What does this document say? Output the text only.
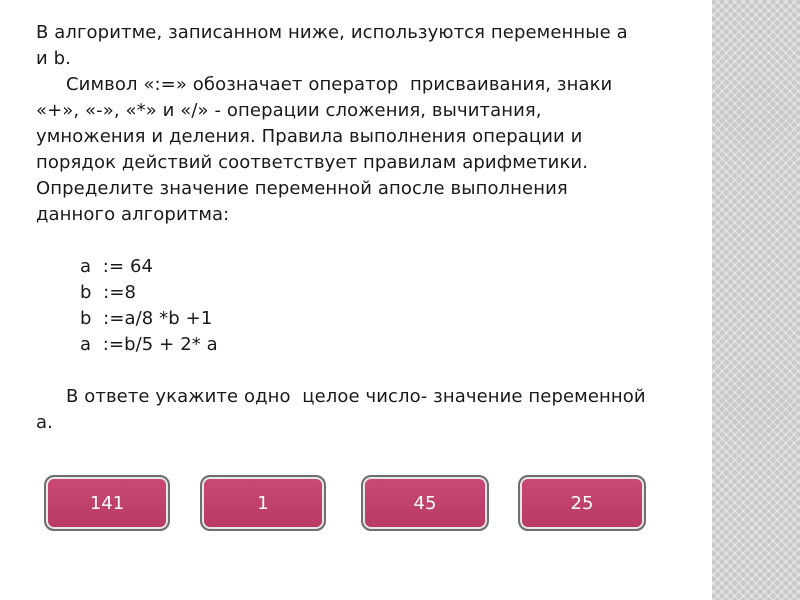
В алгоритме, записанном ниже, используются переменные a
и b.
Символ «:=» обозначает оператор  присваивания, знаки
«+», «-», «*» и «/» - операции сложения, вычитания,
умножения и деления. Правила выполнения операции и
порядок действий соответствует правилам арифметики.
Определите значение переменной апосле выполнения
данного алгоритма:
a  := 64
b  :=8
b  :=a/8 *b +1
a  :=b/5 + 2* a
В ответе укажите одно  целое число- значение переменной
a.
141	1	45	25
